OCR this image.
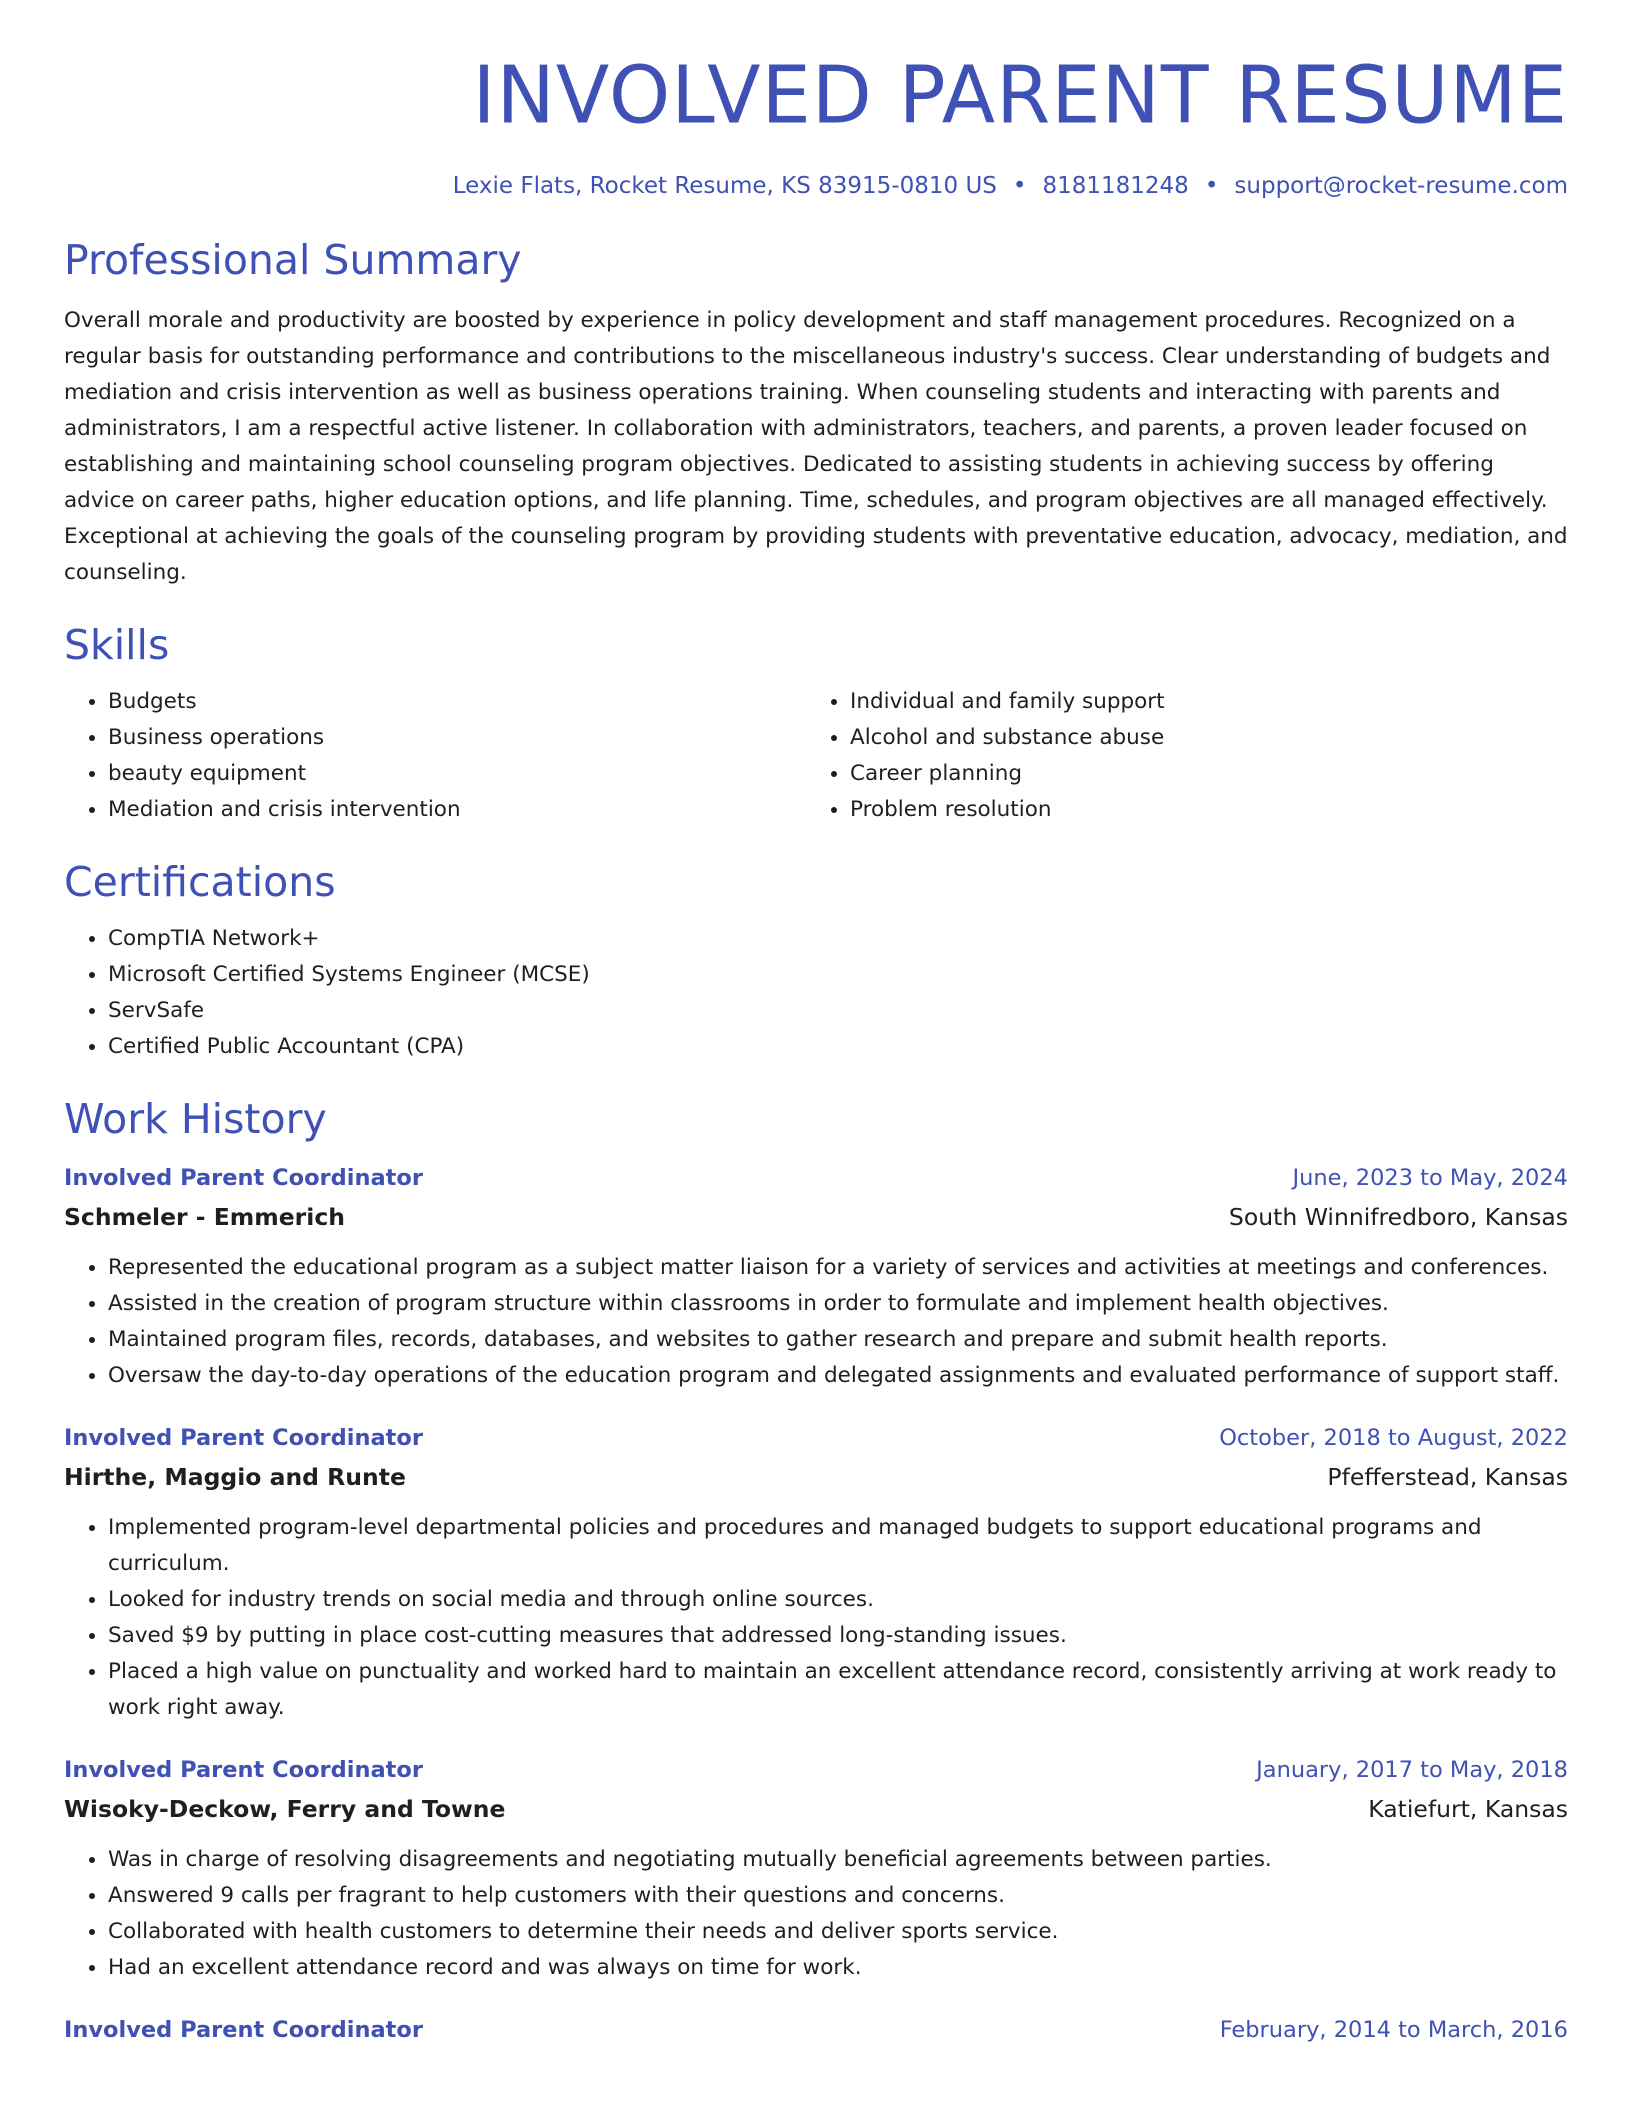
INVOLVED PARENT RESUME
Lexie Flats, Rocket Resume, KS 83915-0810 US • 8181181248 • support@rocket-resume.com
Professional Summary
Overall morale and productivity are boosted by experience in policy development and staff management procedures. Recognized on a regular basis for outstanding performance and contributions to the miscellaneous industry's success. Clear understanding of budgets and mediation and crisis intervention as well as business operations training. When counseling students and interacting with parents and administrators, I am a respectful active listener. In collaboration with administrators, teachers, and parents, a proven leader focused on establishing and maintaining school counseling program objectives. Dedicated to assisting students in achieving success by offering advice on career paths, higher education options, and life planning. Time, schedules, and program objectives are all managed effectively. Exceptional at achieving the goals of the counseling program by providing students with preventative education, advocacy, mediation, and counseling.
Skills
• Budgets
• Business operations
• beauty equipment
• Mediation and crisis intervention
• Individual and family support
• Alcohol and substance abuse
• Career planning
• Problem resolution
Certifications
• CompTIA Network+
• Microsoft Certified Systems Engineer (MCSE)
• ServSafe
• Certified Public Accountant (CPA)
Work History
Involved Parent Coordinator	June, 2023 to May, 2024
Schmeler - Emmerich	South Winnifredboro, Kansas
• Represented the educational program as a subject matter liaison for a variety of services and activities at meetings and conferences.
• Assisted in the creation of program structure within classrooms in order to formulate and implement health objectives.
• Maintained program files, records, databases, and websites to gather research and prepare and submit health reports.
• Oversaw the day-to-day operations of the education program and delegated assignments and evaluated performance of support staff.
Involved Parent Coordinator	October, 2018 to August, 2022
Hirthe, Maggio and Runte	Pfefferstead, Kansas
• Implemented program-level departmental policies and procedures and managed budgets to support educational programs and curriculum.
• Looked for industry trends on social media and through online sources.
• Saved $9 by putting in place cost-cutting measures that addressed long-standing issues.
• Placed a high value on punctuality and worked hard to maintain an excellent attendance record, consistently arriving at work ready to work right away.
Involved Parent Coordinator	January, 2017 to May, 2018
Wisoky-Deckow, Ferry and Towne	Katiefurt, Kansas
• Was in charge of resolving disagreements and negotiating mutually beneficial agreements between parties.
• Answered 9 calls per fragrant to help customers with their questions and concerns.
• Collaborated with health customers to determine their needs and deliver sports service.
• Had an excellent attendance record and was always on time for work.
Involved Parent Coordinator	February, 2014 to March, 2016
